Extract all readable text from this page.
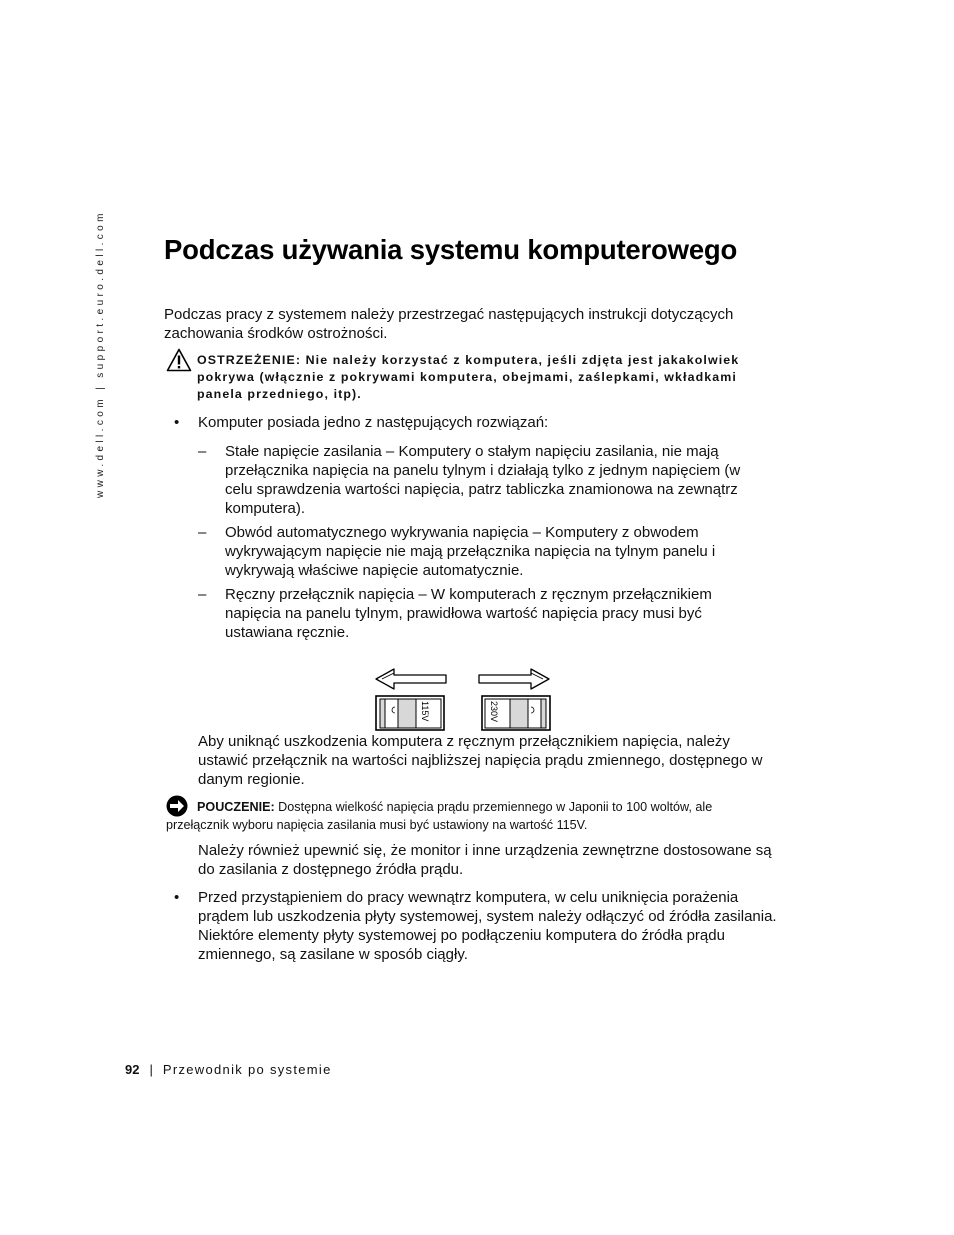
www.dell.com | support.euro.dell.com Podczas używania systemu komputerowego

Podczas pracy z systemem należy przestrzegać następujących instrukcji dotyczących zachowania środków ostrożności.

OSTRZEŻENIE: Nie należy korzystać z komputera, jeśli zdjęta jest jakakolwiek pokrywa (włącznie z pokrywami komputera, obejmami, zaślepkami, wkładkami panela przedniego, itp).
• Komputer posiada jedno z następujących rozwiązań:

– Stałe napięcie zasilania – Komputery o stałym napięciu zasilania, nie mają przełącznika napięcia na panelu tylnym i działają tylko z jednym napięciem (w celu sprawdzenia wartości napięcia, patrz tabliczka znamionowa na zewnątrz komputera).

– Obwód automatycznego wykrywania napięcia – Komputery z obwodem wykrywającym napięcie nie mają przełącznika napięcia na tylnym panelu i wykrywają właściwe napięcie automatycznie.

– Ręczny przełącznik napięcia – W komputerach z ręcznym przełącznikiem napięcia na panelu tylnym, prawidłowa wartość napięcia pracy musi być ustawiana ręcznie.

115V	230V

Aby uniknąć uszkodzenia komputera z ręcznym przełącznikiem napięcia, należy ustawić przełącznik na wartości najbliższej napięcia prądu zmiennego, dostępnego w danym regionie.

POUCZENIE: Dostępna wielkość napięcia prądu przemiennego w Japonii to 100 woltów, ale

przełącznik wyboru napięcia zasilania musi być ustawiony na wartość 115V.

Należy również upewnić się, że monitor i inne urządzenia zewnętrzne dostosowane są do zasilania z dostępnego źródła prądu.

• Przed przystąpieniem do pracy wewnątrz komputera, w celu uniknięcia porażenia prądem lub uszkodzenia płyty systemowej, system należy odłączyć od źródła zasilania. Niektóre elementy płyty systemowej po podłączeniu komputera do źródła prądu zmiennego, są zasilane w sposób ciągły.

92 | Przewodnik po systemie
